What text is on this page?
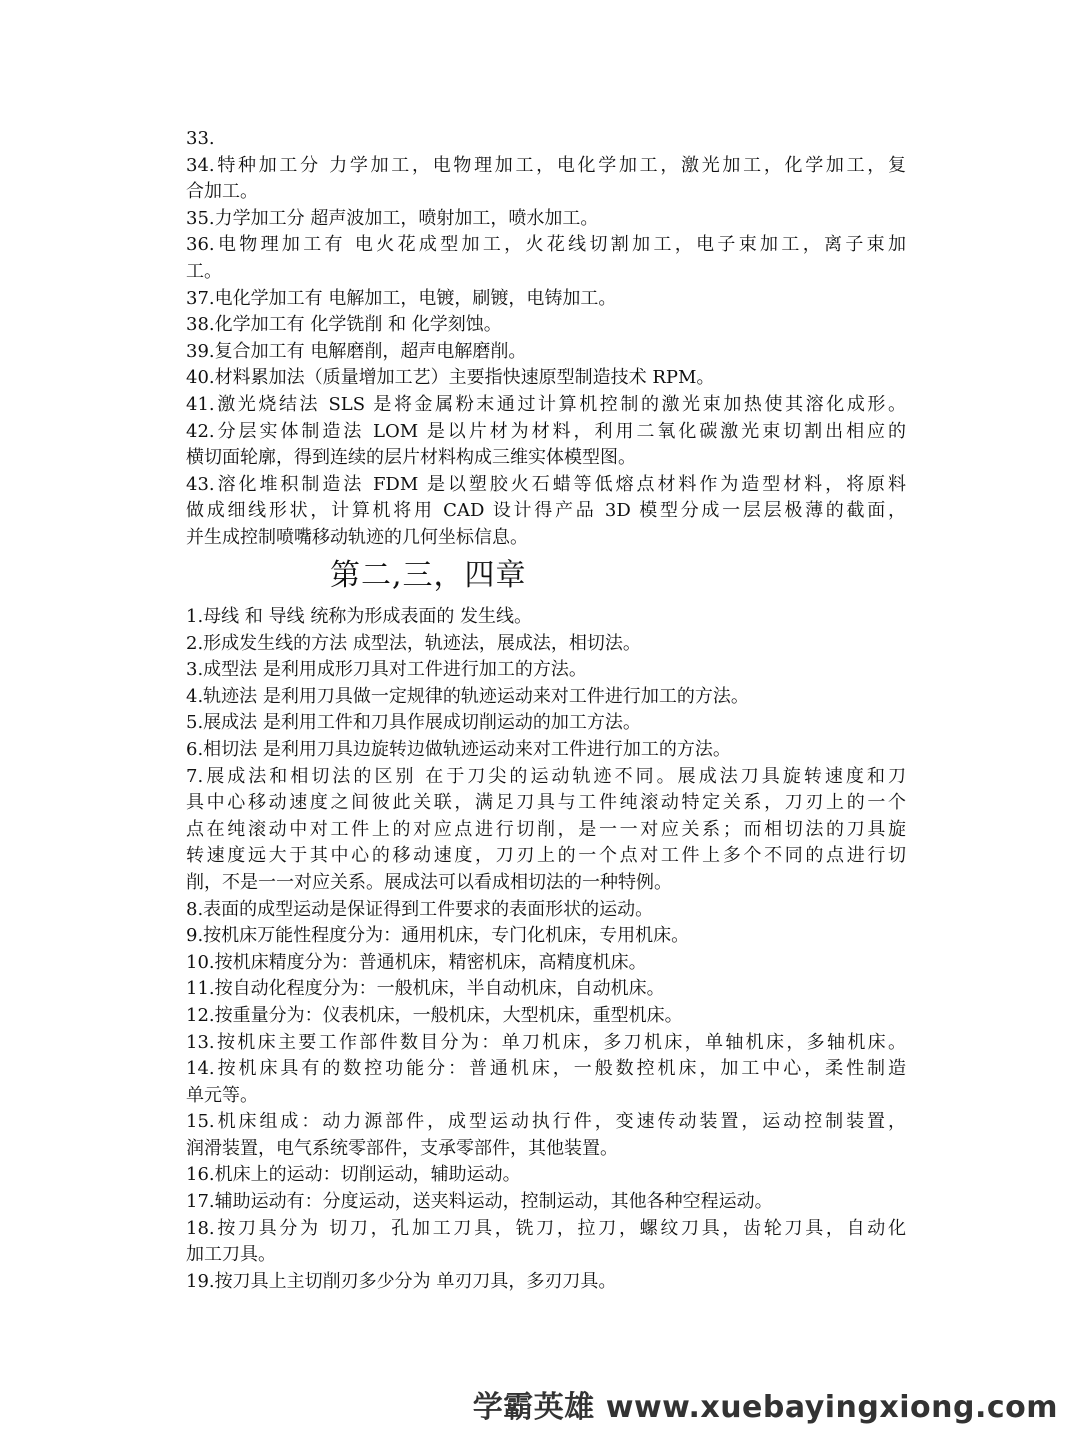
33.
34.特种加工分 力学加工，电物理加工，电化学加工，激光加工，化学加工，复
合加工。
35.力学加工分 超声波加工，喷射加工，喷水加工。
36.电物理加工有 电火花成型加工，火花线切割加工，电子束加工，离子束加
工。
37.电化学加工有 电解加工，电镀，刷镀，电铸加工。
38.化学加工有 化学铣削 和 化学刻蚀。
39.复合加工有 电解磨削，超声电解磨削。
40.材料累加法（质量增加工艺）主要指快速原型制造技术 RPM。
41.激光烧结法 SLS 是将金属粉末通过计算机控制的激光束加热使其溶化成形。
42.分层实体制造法 LOM 是以片材为材料，利用二氧化碳激光束切割出相应的
横切面轮廓，得到连续的层片材料构成三维实体模型图。
43.溶化堆积制造法 FDM 是以塑胶火石蜡等低熔点材料作为造型材料，将原料
做成细线形状，计算机将用 CAD 设计得产品 3D 模型分成一层层极薄的截面，
并生成控制喷嘴移动轨迹的几何坐标信息。
第二,三，四章
1.母线 和 导线 统称为形成表面的 发生线。
2.形成发生线的方法 成型法，轨迹法，展成法，相切法。
3.成型法 是利用成形刀具对工件进行加工的方法。
4.轨迹法 是利用刀具做一定规律的轨迹运动来对工件进行加工的方法。
5.展成法 是利用工件和刀具作展成切削运动的加工方法。
6.相切法 是利用刀具边旋转边做轨迹运动来对工件进行加工的方法。
7.展成法和相切法的区别 在于刀尖的运动轨迹不同。展成法刀具旋转速度和刀
具中心移动速度之间彼此关联，满足刀具与工件纯滚动特定关系，刀刃上的一个
点在纯滚动中对工件上的对应点进行切削，是一一对应关系；而相切法的刀具旋
转速度远大于其中心的移动速度，刀刃上的一个点对工件上多个不同的点进行切
削，不是一一对应关系。展成法可以看成相切法的一种特例。
8.表面的成型运动是保证得到工件要求的表面形状的运动。
9.按机床万能性程度分为：通用机床，专门化机床，专用机床。
10.按机床精度分为：普通机床，精密机床，高精度机床。
11.按自动化程度分为：一般机床，半自动机床，自动机床。
12.按重量分为：仪表机床，一般机床，大型机床，重型机床。
13.按机床主要工作部件数目分为：单刀机床，多刀机床，单轴机床，多轴机床。
14.按机床具有的数控功能分：普通机床，一般数控机床，加工中心，柔性制造
单元等。
15.机床组成：动力源部件，成型运动执行件，变速传动装置，运动控制装置，
润滑装置，电气系统零部件，支承零部件，其他装置。
16.机床上的运动：切削运动，辅助运动。
17.辅助运动有：分度运动，送夹料运动，控制运动，其他各种空程运动。
18.按刀具分为 切刀，孔加工刀具，铣刀，拉刀，螺纹刀具，齿轮刀具，自动化
加工刀具。
19.按刀具上主切削刃多少分为 单刃刀具，多刃刀具。
学霸英雄 www.xuebayingxiong.com
